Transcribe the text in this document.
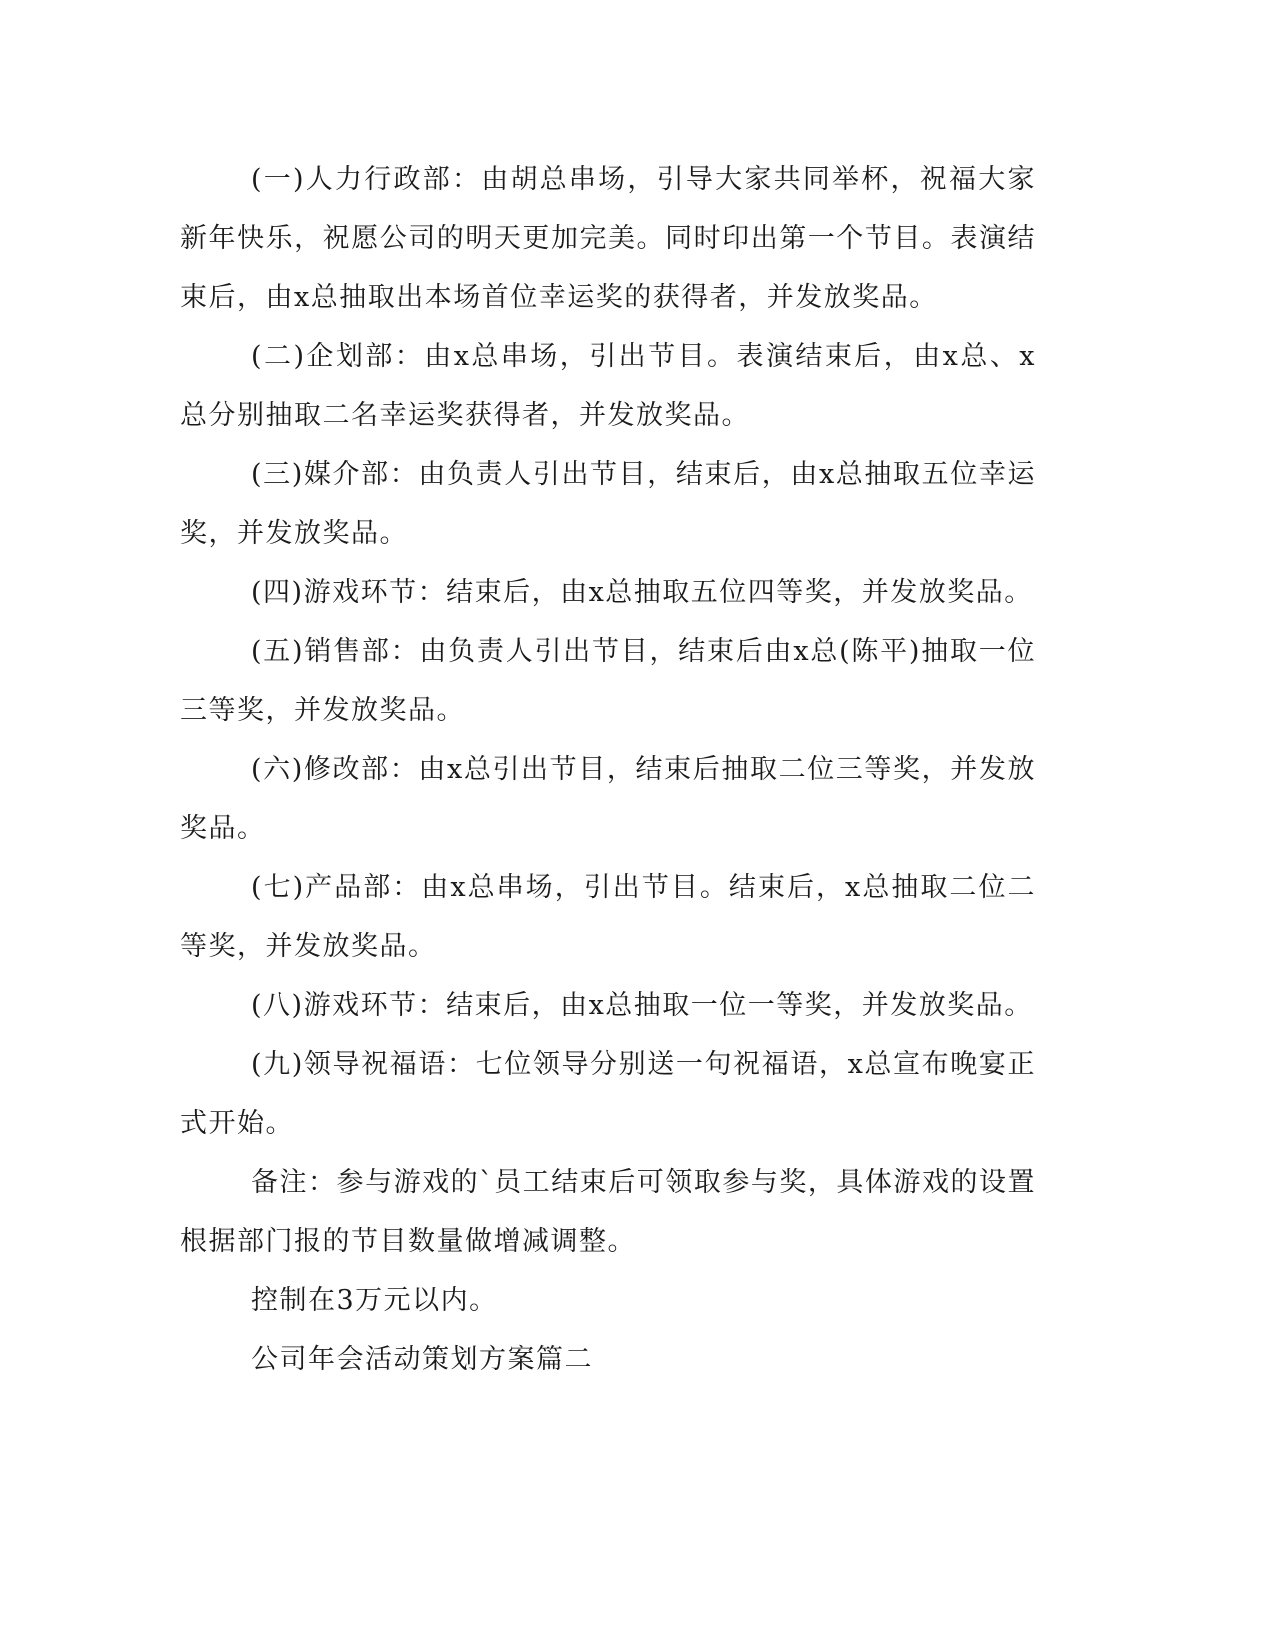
(一)人力行政部：由胡总串场，引导大家共同举杯，祝福大家新年快乐，祝愿公司的明天更加完美。同时印出第一个节目。表演结束后，由x总抽取出本场首位幸运奖的获得者，并发放奖品。

(二)企划部：由x总串场，引出节目。表演结束后，由x总、x总分别抽取二名幸运奖获得者，并发放奖品。

(三)媒介部：由负责人引出节目，结束后，由x总抽取五位幸运奖，并发放奖品。

(四)游戏环节：结束后，由x总抽取五位四等奖，并发放奖品。

(五)销售部：由负责人引出节目，结束后由x总(陈平)抽取一位三等奖，并发放奖品。

(六)修改部：由x总引出节目，结束后抽取二位三等奖，并发放奖品。

(七)产品部：由x总串场，引出节目。结束后，x总抽取二位二等奖，并发放奖品。

(八)游戏环节：结束后，由x总抽取一位一等奖，并发放奖品。

(九)领导祝福语：七位领导分别送一句祝福语，x总宣布晚宴正式开始。

备注：参与游戏的`员工结束后可领取参与奖，具体游戏的设置根据部门报的节目数量做增减调整。

控制在3万元以内。

公司年会活动策划方案篇二
